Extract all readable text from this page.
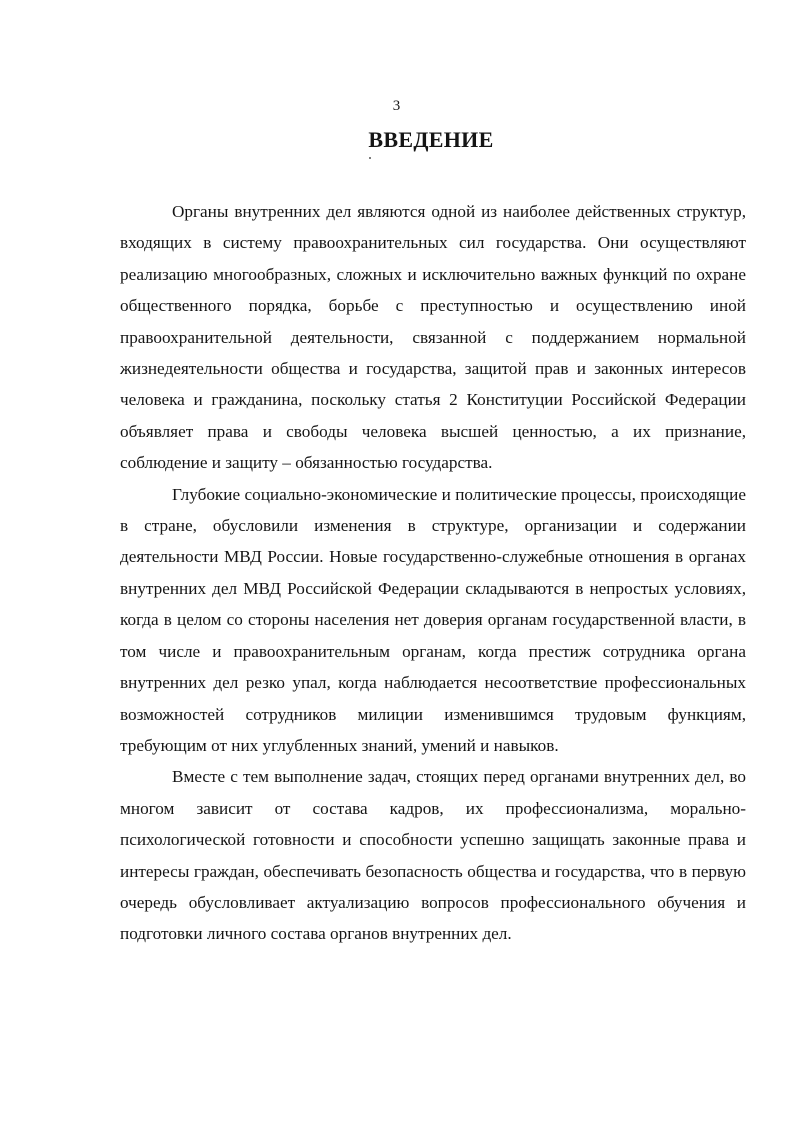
3
ВВЕДЕНИЕ

Органы внутренних дел являются одной из наиболее действенных структур, входящих в систему правоохранительных сил государства. Они осуществляют реализацию многообразных, сложных и исключительно важных функций по охране общественного порядка, борьбе с преступностью и осуществлению иной правоохранительной деятельности, связанной с поддержанием нормальной жизнедеятельности общества и государства, защитой прав и законных интересов человека и гражданина, поскольку статья 2 Конституции Российской Федерации объявляет права и свободы человека высшей ценностью, а их признание, соблюдение и защиту – обязанностью государства.

Глубокие социально-экономические и политические процессы, происходящие в стране, обусловили изменения в структуре, организации и содержании деятельности МВД России. Новые государственно-служебные отношения в органах внутренних дел МВД Российской Федерации складываются в непростых условиях, когда в целом со стороны населения нет доверия органам государственной власти, в том числе и правоохранительным органам, когда престиж сотрудника органа внутренних дел резко упал, когда наблюдается несоответствие профессиональных возможностей сотрудников милиции изменившимся трудовым функциям, требующим от них углубленных знаний, умений и навыков.

Вместе с тем выполнение задач, стоящих перед органами внутренних дел, во многом зависит от состава кадров, их профессионализма, морально-психологической готовности и способности успешно защищать законные права и интересы граждан, обеспечивать безопасность общества и государства, что в первую очередь обусловливает актуализацию вопросов профессионального обучения и подготовки личного состава органов внутренних дел.
